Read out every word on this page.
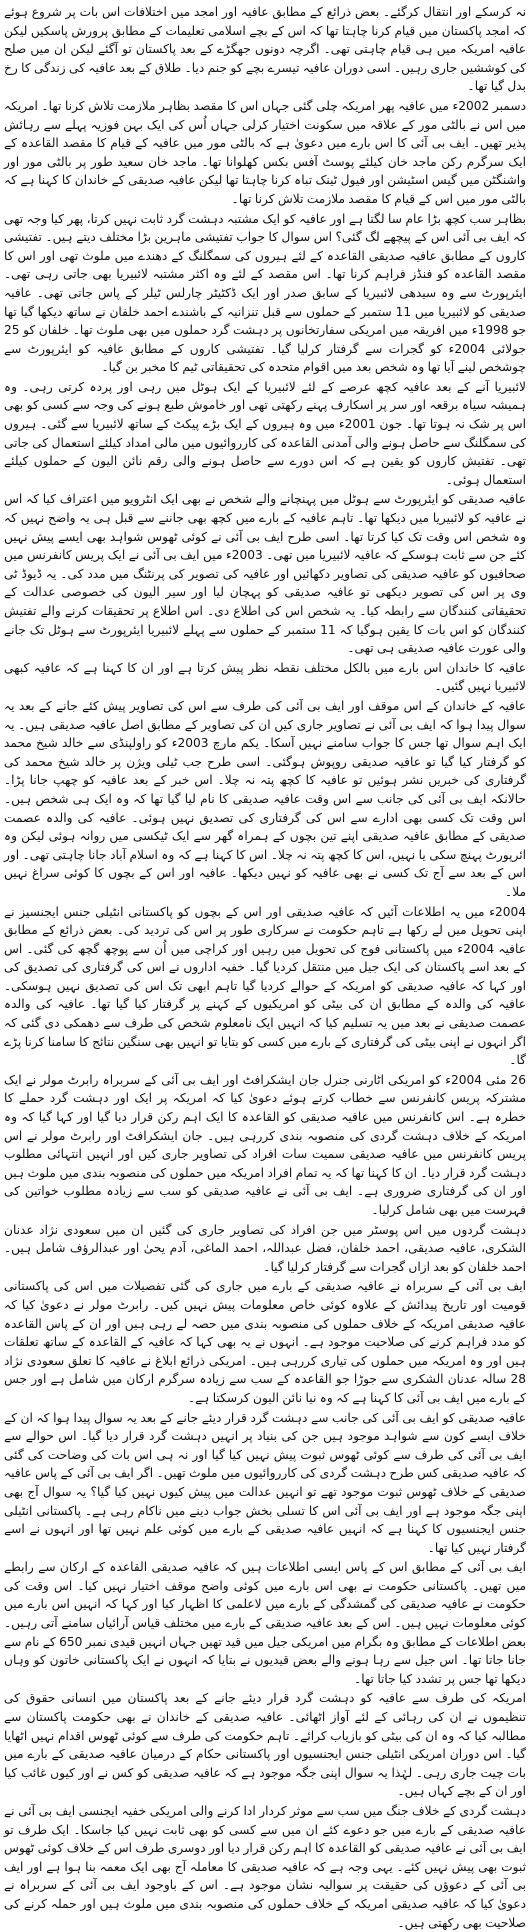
نہ کرسکے اور انتقال کرگئے۔ بعض ذرائع کے مطابق عافیہ اور امجد میں اختلافات اس بات پر شروع ہوئے کہ امجد پاکستان میں قیام کرنا چاہتا تھا کہ اس کے بچے اسلامی تعلیمات کے مطابق پرورش پاسکیں لیکن عافیہ امریکہ میں ہی قیام چاہتی تھی۔ اگرچہ دونوں جھگڑے کے بعد پاکستان تو آگئے لیکن ان میں صلح کی کوششیں جاری رہیں۔ اسی دوران عافیہ تیسرے بچے کو جنم دیا۔ طلاق کے بعد عافیہ کی زندگی کا رخ بدل گیا تھا۔

دسمبر 2002ء میں عافیہ پھر امریکہ چلی گئی جہاں اس کا مقصد بظاہر ملازمت تلاش کرنا تھا۔ امریکہ میں اس نے بالٹی مور کے علاقہ میں سکونت اختیار کرلی جہاں اُس کی ایک بہن فوزیہ پہلے سے رہائش پذیر تھیں۔ ایف بی آئی کا اس بارے میں دعویٰ ہے کہ بالٹی مور میں عافیہ کے قیام کا مقصد القاعدہ کے ایک سرگرم رکن ماجد خان کیلئے پوسٹ آفس بکس کھلوانا تھا۔ ماجد خان سعید طور پر بالٹی مور اور واشنگٹن میں گیس اسٹیشن اور فیول ٹینک تباہ کرنا چاہتا تھا لیکن عافیہ صدیقی کے خاندان کا کہنا ہے کہ بالٹی مور میں اس کے قیام کا مقصد ملازمت تلاش کرنا تھا۔

بظاہر سب کچھ بڑا عام سا لگتا ہے اور عافیہ کو ایک مشتبہ دہشت گرد ثابت نہیں کرتا، پھر کیا وجہ تھی کہ ایف بی آئی اس کے پیچھے لگ گئی؟ اس سوال کا جواب تفتیشی ماہرین بڑا مختلف دیتے ہیں۔ تفتیشی کاروں کے مطابق عافیہ صدیقی القاعدہ کے لئے ہیروں کی سمگلنگ کے دھندے میں ملوث تھی اور اس کا مقصد القاعدہ کو فنڈز فراہم کرنا تھا۔ اس مقصد کے لئے وہ اکثر مشتبہ لائبیریا بھی جاتی رہی تھی۔ ایئرپورٹ سے وہ سیدھی لائبیریا کے سابق صدر اور ایک ڈکٹیٹر چارلس ٹیلر کے پاس جاتی تھی۔ عافیہ صدیقی کو لائبیریا میں 11 ستمبر کے حملوں سے قبل تنزانیہ کے باشندے احمد خلفان نے ساتھ دیکھا گیا تھا جو 1998ء میں افریقہ میں امریکی سفارتخانوں پر دہشت گرد حملوں میں بھی ملوث تھا۔ خلفان کو 25 جولائی 2004ء کو گجرات سے گرفتار کرلیا گیا۔ تفتیشی کاروں کے مطابق عافیہ کو ایئرپورٹ سے چوشخص لینے آیا تھا وہ شخص بعد میں اقوام متحدہ کی تحقیقاتی ٹیم کا مخبر بن گیا۔

لائبیریا آنے کے بعد عافیہ کچھ عرصے کے لئے لائبیریا کے ایک ہوٹل میں رہی اور پردہ کرتی رہی۔ وہ ہمیشہ سیاہ برقعہ اور سر پر اسکارف پہنے رکھتی تھی اور خاموش طبع ہونے کی وجہ سے کسی کو بھی اس پر شک نہ ہوتا تھا۔ جون 2001ء میں وہ ہیروں کے ایک بڑے پیکٹ کے ساتھ لائبیریا سے گئی۔ ہیروں کی سمگلنگ سے حاصل ہونے والی آمدنی القاعدہ کی کارروائیوں میں مالی امداد کیلئے استعمال کی جاتی تھی۔ تفتیش کاروں کو یقین ہے کہ اس دورے سے حاصل ہونے والی رقم نائن الیون کے حملوں کیلئے استعمال ہوئی۔

عافیہ صدیقی کو ایئرپورٹ سے ہوٹل میں پہنچانے والے شخص نے بھی ایک انٹرویو میں اعتراف کیا کہ اس نے عافیہ کو لائبیریا میں دیکھا تھا۔ تاہم عافیہ کے بارے میں کچھ بھی جاننے سے قبل ہی یہ واضح نہیں کہ وہ شخص اس وقت تک کیا کرتا تھا۔ اسی طرح ایف بی آئی نے کوئی ٹھوس شواہد بھی ایسے پیش نہیں کئے جن سے ثابت ہوسکے کہ عافیہ لائبیریا میں تھی۔ 2003ء میں ایف بی آئی نے ایک پریس کانفرنس میں صحافیوں کو عافیہ صدیقی کی تصاویر دکھائیں اور عافیہ کی تصویر کی پرنٹنگ میں مدد کی۔ یہ ڈیوڈ ٹی وی پر اس کی تصویر دیکھی تو عافیہ صدیقی کو پہچان لیا اور سیر الیون کی خصوصی عدالت کے تحقیقاتی کنندگان سے رابطہ کیا۔ یہ شخص اس کی اطلاع دی۔ اس اطلاع پر تحقیقات کرنے والے تفتیش کنندگان کو اس بات کا یقین ہوگیا کہ 11 ستمبر کے حملوں سے پہلے لائبیریا ایئرپورٹ سے ہوٹل تک جانے والی عورت عافیہ صدیقی ہی تھی۔

عافیہ کا خاندان اس بارے میں بالکل مختلف نقطہ نظر پیش کرتا ہے اور ان کا کہنا ہے کہ عافیہ کبھی لائبیریا نہیں گئیں۔

عافیہ کے خاندان کے اس موقف اور ایف بی آئی کی طرف سے اس کی تصاویر پیش کئے جانے کے بعد یہ سوال پیدا ہوا کہ ایف بی آئی نے تصاویر جاری کیں ان کی تصاویر کے مطابق اصل عافیہ صدیقی ہیں۔ یہ ایک اہم سوال تھا جس کا جواب سامنے نہیں آسکا۔ یکم مارچ 2003ء کو راولپنڈی سے خالد شیخ محمد کو گرفتار کیا گیا تو عافیہ صدیقی روپوش ہوگئی۔ اسی طرح جب ٹیلی ویژن پر خالد شیخ محمد کی گرفتاری کی خبریں نشر ہوئیں تو عافیہ کا کچھ پتہ نہ چلا۔ اس خبر کے بعد عافیہ کو چھپ جانا پڑا۔ حالانکہ ایف بی آئی کی جانب سے اس وقت عافیہ صدیقی کا نام لیا گیا تھا کہ وہ ایک ہی شخص ہیں۔ اس وقت تک کسی بھی ادارے سے اس کی گرفتاری کی تصدیق نہیں ہوئی۔ عافیہ کی والدہ عصمت صدیقی کے مطابق عافیہ صدیقی اپنے تین بچوں کے ہمراہ گھر سے ایک ٹیکسی میں روانہ ہوئی لیکن وہ ائرپورٹ پہنچ سکی یا نہیں، اس کا کچھ پتہ نہ چلا۔ اس کا کہنا ہے کہ وہ اسلام آباد جانا چاہتی تھی۔ اور اس کے بعد سے آج تک کسی نے بھی عافیہ کو نہیں دیکھا۔ عافیہ اور اس کے بچوں کا کوئی سراغ نہیں ملا۔

2004ء میں یہ اطلاعات آئیں کہ عافیہ صدیقی اور اس کے بچوں کو پاکستانی انٹیلی جنس ایجنسیز نے اپنی تحویل میں لے رکھا ہے تاہم حکومت نے سرکاری طور پر اس کی تردید کی۔ بعض ذرائع کے مطابق عافیہ 2004ء میں پاکستانی فوج کی تحویل میں رہیں اور کراچی میں اُن سے پوچھ گچھ کی گئی۔ اس کے بعد اسے پاکستان کی ایک جیل میں منتقل کردیا گیا۔ خفیہ اداروں نے اس کی گرفتاری کی تصدیق کی اور کہا کہ عافیہ صدیقی کو امریکہ کے حوالے کردیا گیا تاہم ابھی تک اس کی تصدیق نہیں ہوسکی۔ عافیہ کی والدہ کے مطابق ان کی بیٹی کو امریکیوں کے کہنے پر گرفتار کیا گیا تھا۔ عافیہ کی والدہ عصمت صدیقی نے بعد میں یہ تسلیم کیا کہ انہیں ایک نامعلوم شخص کی طرف سے دھمکی دی گئی کہ اگر انہوں نے اپنی بیٹی کی گرفتاری کے بارے میں کسی کو بتایا تو انہیں بھی سنگین نتائج کا سامنا کرنا پڑے گا۔

26 مئی 2004ء کو امریکی اٹارنی جنرل جان ایشکرافٹ اور ایف بی آئی کے سربراہ رابرٹ مولر نے ایک مشترکہ پریس کانفرنس سے خطاب کرتے ہوئے دعویٰ کیا کہ امریکہ پر ایک اور دہشت گرد حملے کا خطرہ ہے۔ اس کانفرنس میں عافیہ صدیقی کو القاعدہ کا ایک اہم رکن قرار دیا گیا اور کہا گیا کہ وہ امریکہ کے خلاف دہشت گردی کی منصوبہ بندی کررہی ہیں۔ جان ایشکرافٹ اور رابرٹ مولر نے اس پریس کانفرنس میں عافیہ صدیقی سمیت سات افراد کی تصاویر جاری کیں اور انہیں انتہائی مطلوب دہشت گرد قرار دیا۔ ان کا کہنا تھا کہ یہ تمام افراد امریکہ میں حملوں کی منصوبہ بندی میں ملوث ہیں اور ان کی گرفتاری ضروری ہے۔ ایف بی آئی نے عافیہ صدیقی کو سب سے زیادہ مطلوب خواتین کی فہرست میں بھی شامل کرلیا۔

دہشت گردوں میں اس پوسٹر میں جن افراد کی تصاویر جاری کی گئیں ان میں سعودی نژاد عدنان الشکری، عافیہ صدیقی، احمد خلفان، فضل عبداللہ، احمد الماغی، آدم یحیٰ اور عبدالرؤف شامل ہیں۔ احمد خلفان کو بعد ازاں گجرات سے گرفتار کرلیا گیا۔

ایف بی آئی کے سربراہ نے عافیہ صدیقی کے بارے میں جاری کی گئی تفصیلات میں اس کی پاکستانی قومیت اور تاریخ پیدائش کے علاوہ کوئی خاص معلومات پیش نہیں کیں۔ رابرٹ مولر نے دعویٰ کیا کہ عافیہ صدیقی امریکہ کے خلاف حملوں کی منصوبہ بندی میں حصہ لے رہی ہیں اور ان کے پاس القاعدہ کو مدد فراہم کرنے کی صلاحیت موجود ہے۔ انہوں نے یہ بھی کہا کہ عافیہ کے القاعدہ کے ساتھ تعلقات ہیں اور وہ امریکہ میں حملوں کی تیاری کررہی ہیں۔ امریکی ذرائع ابلاغ نے عافیہ کا تعلق سعودی نژاد 28 سالہ عدنان الشکری سے جوڑا جو القاعدہ کے سب سے زیادہ سرگرم ارکان میں شامل ہے اور جس کے بارے میں ایف بی آئی کا کہنا ہے کہ وہ نیا نائن الیون کرسکتا ہے۔

عافیہ صدیقی کو ایف بی آئی کی جانب سے دہشت گرد قرار دیئے جانے کے بعد یہ سوال پیدا ہوا کہ ان کے خلاف ایسے کون سے شواہد موجود ہیں جن کی بنیاد پر انہیں دہشت گرد قرار دیا گیا۔ اس حوالے سے ایف بی آئی کی طرف سے کوئی ٹھوس ثبوت پیش نہیں کیا گیا اور نہ ہی اس بات کی وضاحت کی گئی کہ عافیہ صدیقی کس طرح دہشت گردی کی کارروائیوں میں ملوث تھیں۔ اگر ایف بی آئی کے پاس عافیہ صدیقی کے خلاف ٹھوس ثبوت موجود تھے تو انہیں عدالت میں پیش کیوں نہیں کیا گیا؟ یہ سوال آج بھی اپنی جگہ موجود ہے اور ایف بی آئی اس کا تسلی بخش جواب دینے میں ناکام رہی ہے۔ پاکستانی انٹیلی جنس ایجنسیوں کا کہنا ہے کہ انہیں عافیہ صدیقی کے بارے میں کوئی علم نہیں تھا اور انہوں نے اسے گرفتار نہیں کیا تھا۔

ایف بی آئی کے مطابق اس کے پاس ایسی اطلاعات ہیں کہ عافیہ صدیقی القاعدہ کے ارکان سے رابطے میں تھیں۔ پاکستانی حکومت نے بھی اس بارے میں کوئی واضح موقف اختیار نہیں کیا۔ اس وقت کی حکومت نے عافیہ صدیقی کی گمشدگی کے بارے میں لاعلمی کا اظہار کیا اور کہا کہ انہیں اس بارے میں کوئی معلومات نہیں ہیں۔ اس کے بعد عافیہ صدیقی کے بارے میں مختلف قیاس آرائیاں سامنے آتی رہیں۔ بعض اطلاعات کے مطابق وہ بگرام میں امریکی جیل میں قید تھیں جہاں انہیں قیدی نمبر 650 کے نام سے جانا جاتا تھا۔ اس جیل سے رہا ہونے والے بعض قیدیوں نے بتایا کہ انہوں نے ایک پاکستانی خاتون کو وہاں دیکھا تھا جس پر تشدد کیا جاتا تھا۔

امریکہ کی طرف سے عافیہ کو دہشت گرد قرار دیئے جانے کے بعد پاکستان میں انسانی حقوق کی تنظیموں نے ان کی رہائی کے لئے آواز اٹھائی۔ عافیہ صدیقی کے خاندان نے بھی حکومت پاکستان سے مطالبہ کیا کہ وہ ان کی بیٹی کو بازیاب کرائے۔ تاہم حکومت کی طرف سے کوئی ٹھوس اقدام نہیں اٹھایا گیا۔ اس دوران امریکی انٹیلی جنس ایجنسیوں اور پاکستانی حکام کے درمیان عافیہ صدیقی کے بارے میں بات چیت جاری رہی۔ لہٰذا یہ سوال اپنی جگہ موجود ہے کہ عافیہ صدیقی کو کس نے اور کیوں غائب کیا اور ان کے بچے کہاں ہیں۔

دہشت گردی کے خلاف جنگ میں سب سے موثر کردار ادا کرنے والی امریکی خفیہ ایجنسی ایف بی آئی نے عافیہ صدیقی کے بارے میں جو دعوے کئے ان میں سے کسی کو بھی ثابت نہیں کیا جاسکا۔ ایک طرف تو ایف بی آئی نے عافیہ صدیقی کو القاعدہ کا اہم رکن قرار دیا اور دوسری طرف اس کے خلاف کوئی ٹھوس ثبوت بھی پیش نہیں کئے۔ یہی وجہ ہے کہ عافیہ صدیقی کا معاملہ آج بھی ایک معمہ بنا ہوا ہے اور ایف بی آئی کے دعوؤں کی حقیقت پر سوالیہ نشان موجود ہے۔ اس کے باوجود ایف بی آئی کے سربراہ نے دعویٰ کیا کہ عافیہ صدیقی امریکہ کے خلاف حملوں کی منصوبہ بندی میں ملوث ہیں اور حملہ کرنے کی صلاحیت بھی رکھتی ہیں۔
